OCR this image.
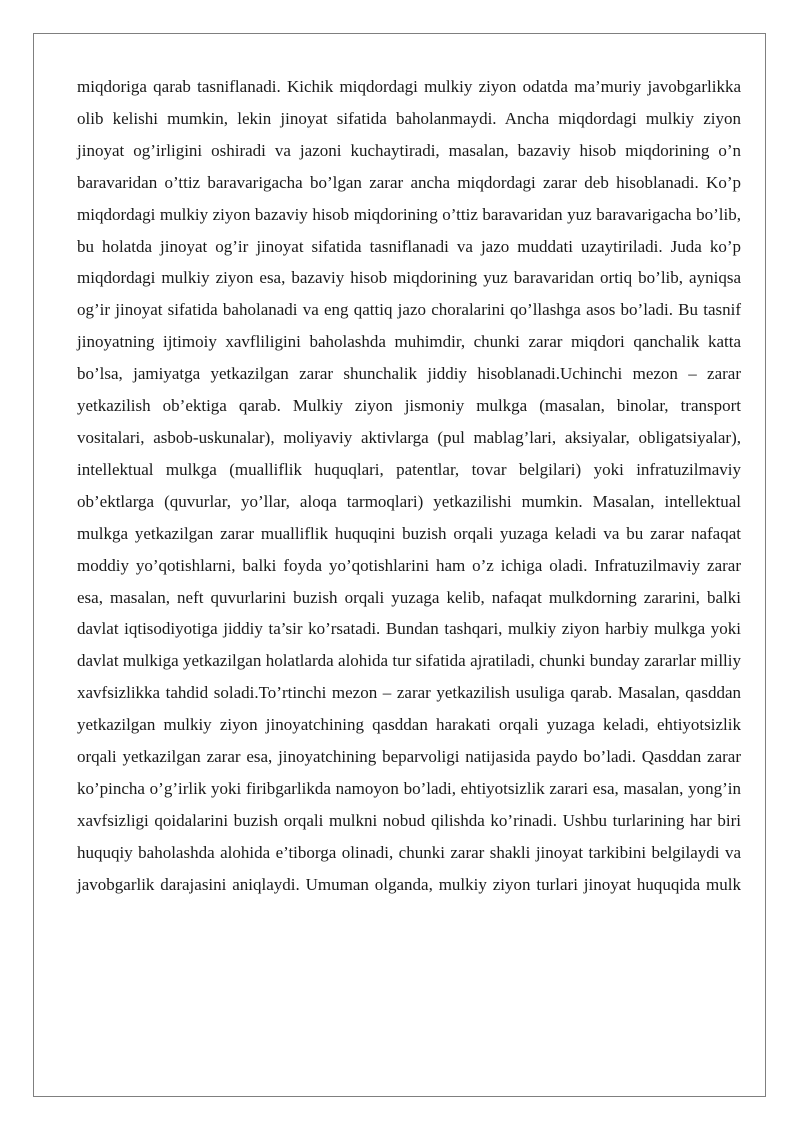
miqdoriga qarab tasniflanadi. Kichik miqdordagi mulkiy ziyon odatda ma’muriy javobgarlikka olib kelishi mumkin, lekin jinoyat sifatida baholanmaydi. Ancha miqdordagi mulkiy ziyon jinoyat og’irligini oshiradi va jazoni kuchaytiradi, masalan, bazaviy hisob miqdorining o’n baravaridan o’ttiz baravarigacha bo’lgan zarar ancha miqdordagi zarar deb hisoblanadi. Ko’p miqdordagi mulkiy ziyon bazaviy hisob miqdorining o’ttiz baravaridan yuz baravarigacha bo’lib, bu holatda jinoyat og’ir jinoyat sifatida tasniflanadi va jazo muddati uzaytiriladi. Juda ko’p miqdordagi mulkiy ziyon esa, bazaviy hisob miqdorining yuz baravaridan ortiq bo’lib, ayniqsa og’ir jinoyat sifatida baholanadi va eng qattiq jazo choralarini qo’llashga asos bo’ladi. Bu tasnif jinoyatning ijtimoiy xavfliligini baholashda muhimdir, chunki zarar miqdori qanchalik katta bo’lsa, jamiyatga yetkazilgan zarar shunchalik jiddiy hisoblanadi.Uchinchi mezon – zarar yetkazilish ob’ektiga qarab. Mulkiy ziyon jismoniy mulkga (masalan, binolar, transport vositalari, asbob-uskunalar), moliyaviy aktivlarga (pul mablag’lari, aksiyalar, obligatsiyalar), intellektual mulkga (mualliflik huquqlari, patentlar, tovar belgilari) yoki infratuzilmaviy ob’ektlarga (quvurlar, yo’llar, aloqa tarmoqlari) yetkazilishi mumkin. Masalan, intellektual mulkga yetkazilgan zarar mualliflik huquqini buzish orqali yuzaga keladi va bu zarar nafaqat moddiy yo’qotishlarni, balki foyda yo’qotishlarini ham o’z ichiga oladi. Infratuzilmaviy zarar esa, masalan, neft quvurlarini buzish orqali yuzaga kelib, nafaqat mulkdorning zararini, balki davlat iqtisodiyotiga jiddiy ta’sir ko’rsatadi. Bundan tashqari, mulkiy ziyon harbiy mulkga yoki davlat mulkiga yetkazilgan holatlarda alohida tur sifatida ajratiladi, chunki bunday zararlar milliy xavfsizlikka tahdid soladi.To’rtinchi mezon – zarar yetkazilish usuliga qarab. Masalan, qasddan yetkazilgan mulkiy ziyon jinoyatchining qasddan harakati orqali yuzaga keladi, ehtiyotsizlik orqali yetkazilgan zarar esa, jinoyatchining beparvoligi natijasida paydo bo’ladi. Qasddan zarar ko’pincha o’g’irlik yoki firibgarlikda namoyon bo’ladi, ehtiyotsizlik zarari esa, masalan, yong’in xavfsizligi qoidalarini buzish orqali mulkni nobud qilishda ko’rinadi. Ushbu turlarining har biri huquqiy baholashda alohida e’tiborga olinadi, chunki zarar shakli jinoyat tarkibini belgilaydi va javobgarlik darajasini aniqlaydi. Umuman olganda, mulkiy ziyon turlari jinoyat huquqida mulk
